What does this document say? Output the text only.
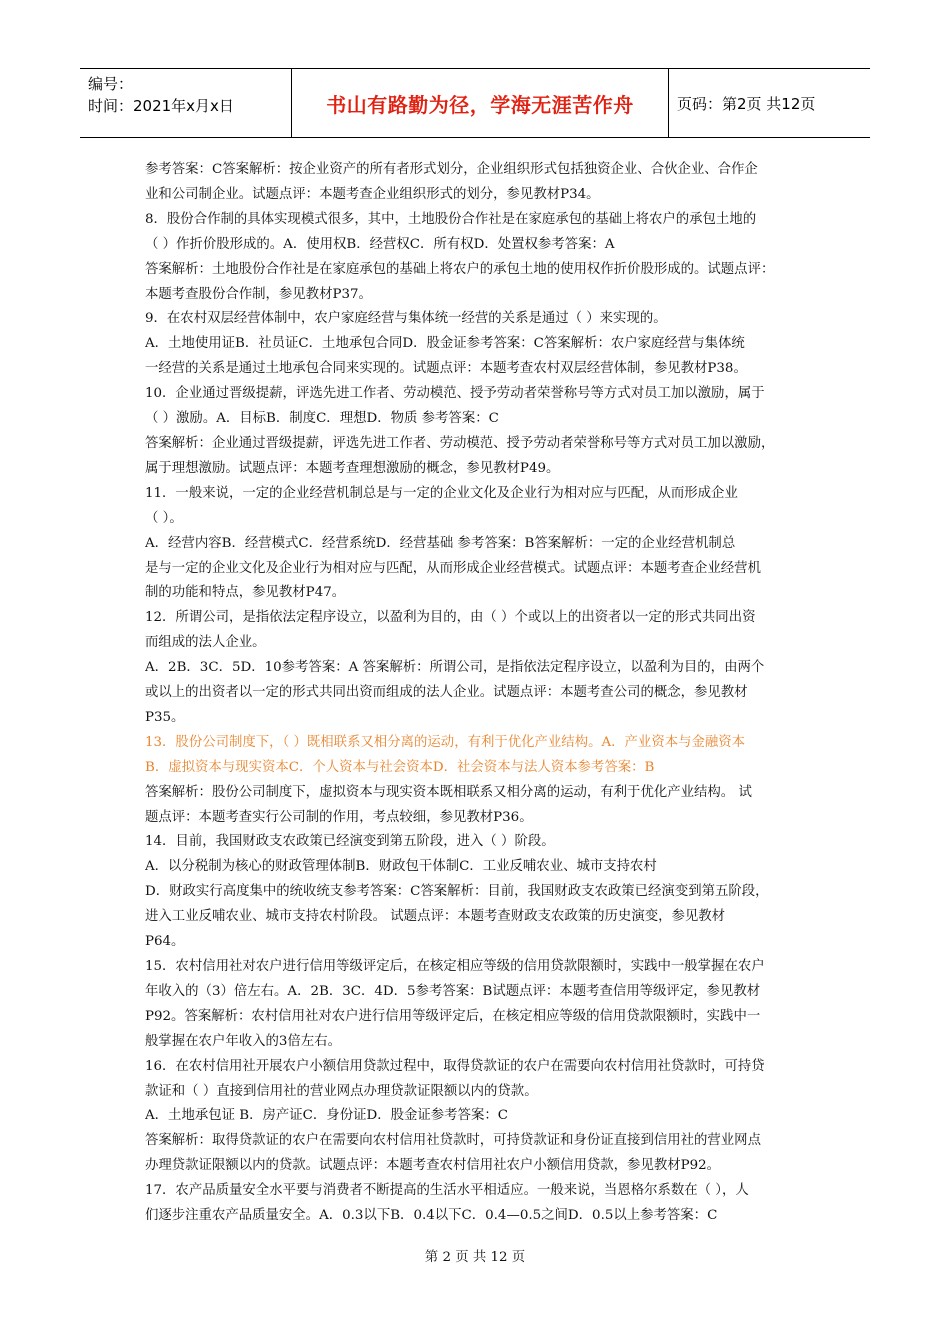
编号：
时间：2021年x月x日	书山有路勤为径，学海无涯苦作舟	页码：第2页 共12页

参考答案：C答案解析：按企业资产的所有者形式划分，企业组织形式包括独资企业、合伙企业、合作企

业和公司制企业。试题点评：本题考查企业组织形式的划分，参见教材P34。

8．股份合作制的具体实现模式很多，其中，土地股份合作社是在家庭承包的基础上将农户的承包土地的

（ ）作折价股形成的。A．使用权B．经营权C．所有权D．处置权参考答案：A

答案解析：土地股份合作社是在家庭承包的基础上将农户的承包土地的使用权作折价股形成的。试题点评：

本题考查股份合作制，参见教材P37。

9．在农村双层经营体制中，农户家庭经营与集体统一经营的关系是通过（ ）来实现的。

A．土地使用证B．社员证C．土地承包合同D．股金证参考答案：C答案解析：农户家庭经营与集体统

一经营的关系是通过土地承包合同来实现的。试题点评：本题考查农村双层经营体制，参见教材P38。

10．企业通过晋级提薪，评选先进工作者、劳动模范、授予劳动者荣誉称号等方式对员工加以激励，属于

（ ）激励。A．目标B．制度C．理想D．物质 参考答案：C

答案解析：企业通过晋级提薪，评选先进工作者、劳动模范、授予劳动者荣誉称号等方式对员工加以激励，

属于理想激励。试题点评：本题考查理想激励的概念，参见教材P49。

11．一般来说，一定的企业经营机制总是与一定的企业文化及企业行为相对应与匹配，从而形成企业

（ ）。

A．经营内容B．经营模式C．经营系统D．经营基础 参考答案：B答案解析：一定的企业经营机制总

是与一定的企业文化及企业行为相对应与匹配，从而形成企业经营模式。试题点评：本题考查企业经营机

制的功能和特点，参见教材P47。

12．所谓公司，是指依法定程序设立，以盈利为目的，由（ ）个或以上的出资者以一定的形式共同出资

而组成的法人企业。

A．2B．3C．5D．10参考答案：A 答案解析：所谓公司，是指依法定程序设立，以盈利为目的，由两个

或以上的出资者以一定的形式共同出资而组成的法人企业。试题点评：本题考查公司的概念，参见教材

P35。

13．股份公司制度下，（ ）既相联系又相分离的运动，有利于优化产业结构。A．产业资本与金融资本

B．虚拟资本与现实资本C．个人资本与社会资本D．社会资本与法人资本参考答案：B

答案解析：股份公司制度下，虚拟资本与现实资本既相联系又相分离的运动，有利于优化产业结构。 试

题点评：本题考查实行公司制的作用，考点较细，参见教材P36。

14．目前，我国财政支农政策已经演变到第五阶段，进入（ ）阶段。

A．以分税制为核心的财政管理体制B．财政包干体制C．工业反哺农业、城市支持农村

D．财政实行高度集中的统收统支参考答案：C答案解析：目前，我国财政支农政策已经演变到第五阶段，

进入工业反哺农业、城市支持农村阶段。 试题点评：本题考查财政支农政策的历史演变，参见教材

P64。

15．农村信用社对农户进行信用等级评定后，在核定相应等级的信用贷款限额时，实践中一般掌握在农户

年收入的（3）倍左右。A．2B．3C．4D．5参考答案：B试题点评：本题考查信用等级评定，参见教材

P92。答案解析：农村信用社对农户进行信用等级评定后，在核定相应等级的信用贷款限额时，实践中一

般掌握在农户年收入的3倍左右。

16．在农村信用社开展农户小额信用贷款过程中，取得贷款证的农户在需要向农村信用社贷款时，可持贷

款证和（ ）直接到信用社的营业网点办理贷款证限额以内的贷款。

A．土地承包证 B．房产证C．身份证D．股金证参考答案：C

答案解析：取得贷款证的农户在需要向农村信用社贷款时，可持贷款证和身份证直接到信用社的营业网点

办理贷款证限额以内的贷款。试题点评：本题考查农村信用社农户小额信用贷款，参见教材P92。

17．农产品质量安全水平要与消费者不断提高的生活水平相适应。一般来说，当恩格尔系数在（ ），人

们逐步注重农产品质量安全。A．0.3以下B．0.4以下C．0.4—0.5之间D．0.5以上参考答案：C

第 2 页 共 12 页
